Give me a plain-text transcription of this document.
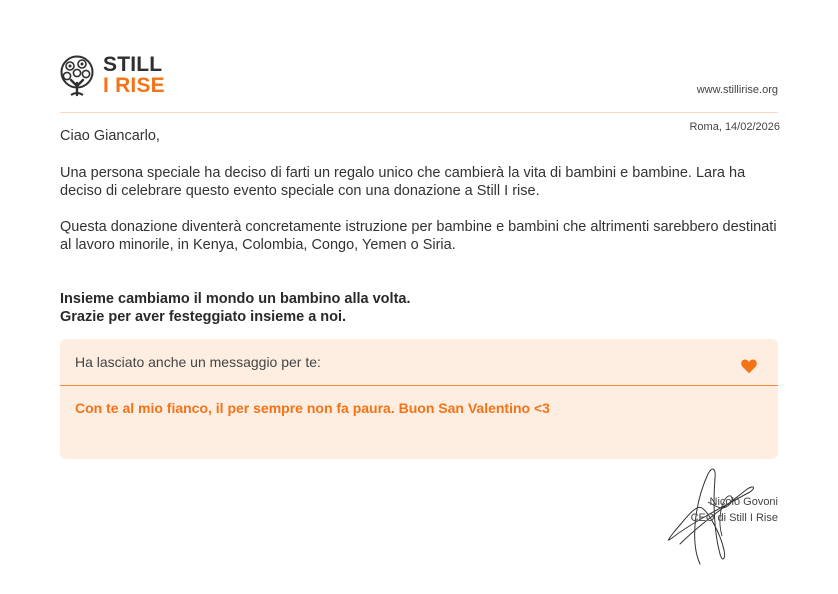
STILL
I RISE	www.stillirise.org
Roma, 14/02/2026
Ciao Giancarlo,

Una persona speciale ha deciso di farti un regalo unico che cambierà la vita di bambini e bambine. Lara ha deciso di celebrare questo evento speciale con una donazione a Still I rise.

Questa donazione diventerà concretamente istruzione per bambine e bambini che altrimenti sarebbero destinati al lavoro minorile, in Kenya, Colombia, Congo, Yemen o Siria.

Insieme cambiamo il mondo un bambino alla volta.
Grazie per aver festeggiato insieme a noi.
Ha lasciato anche un messaggio per te:
Con te al mio fianco, il per sempre non fa paura. Buon San Valentino <3
Nicolò Govoni
CEO di Still I Rise
